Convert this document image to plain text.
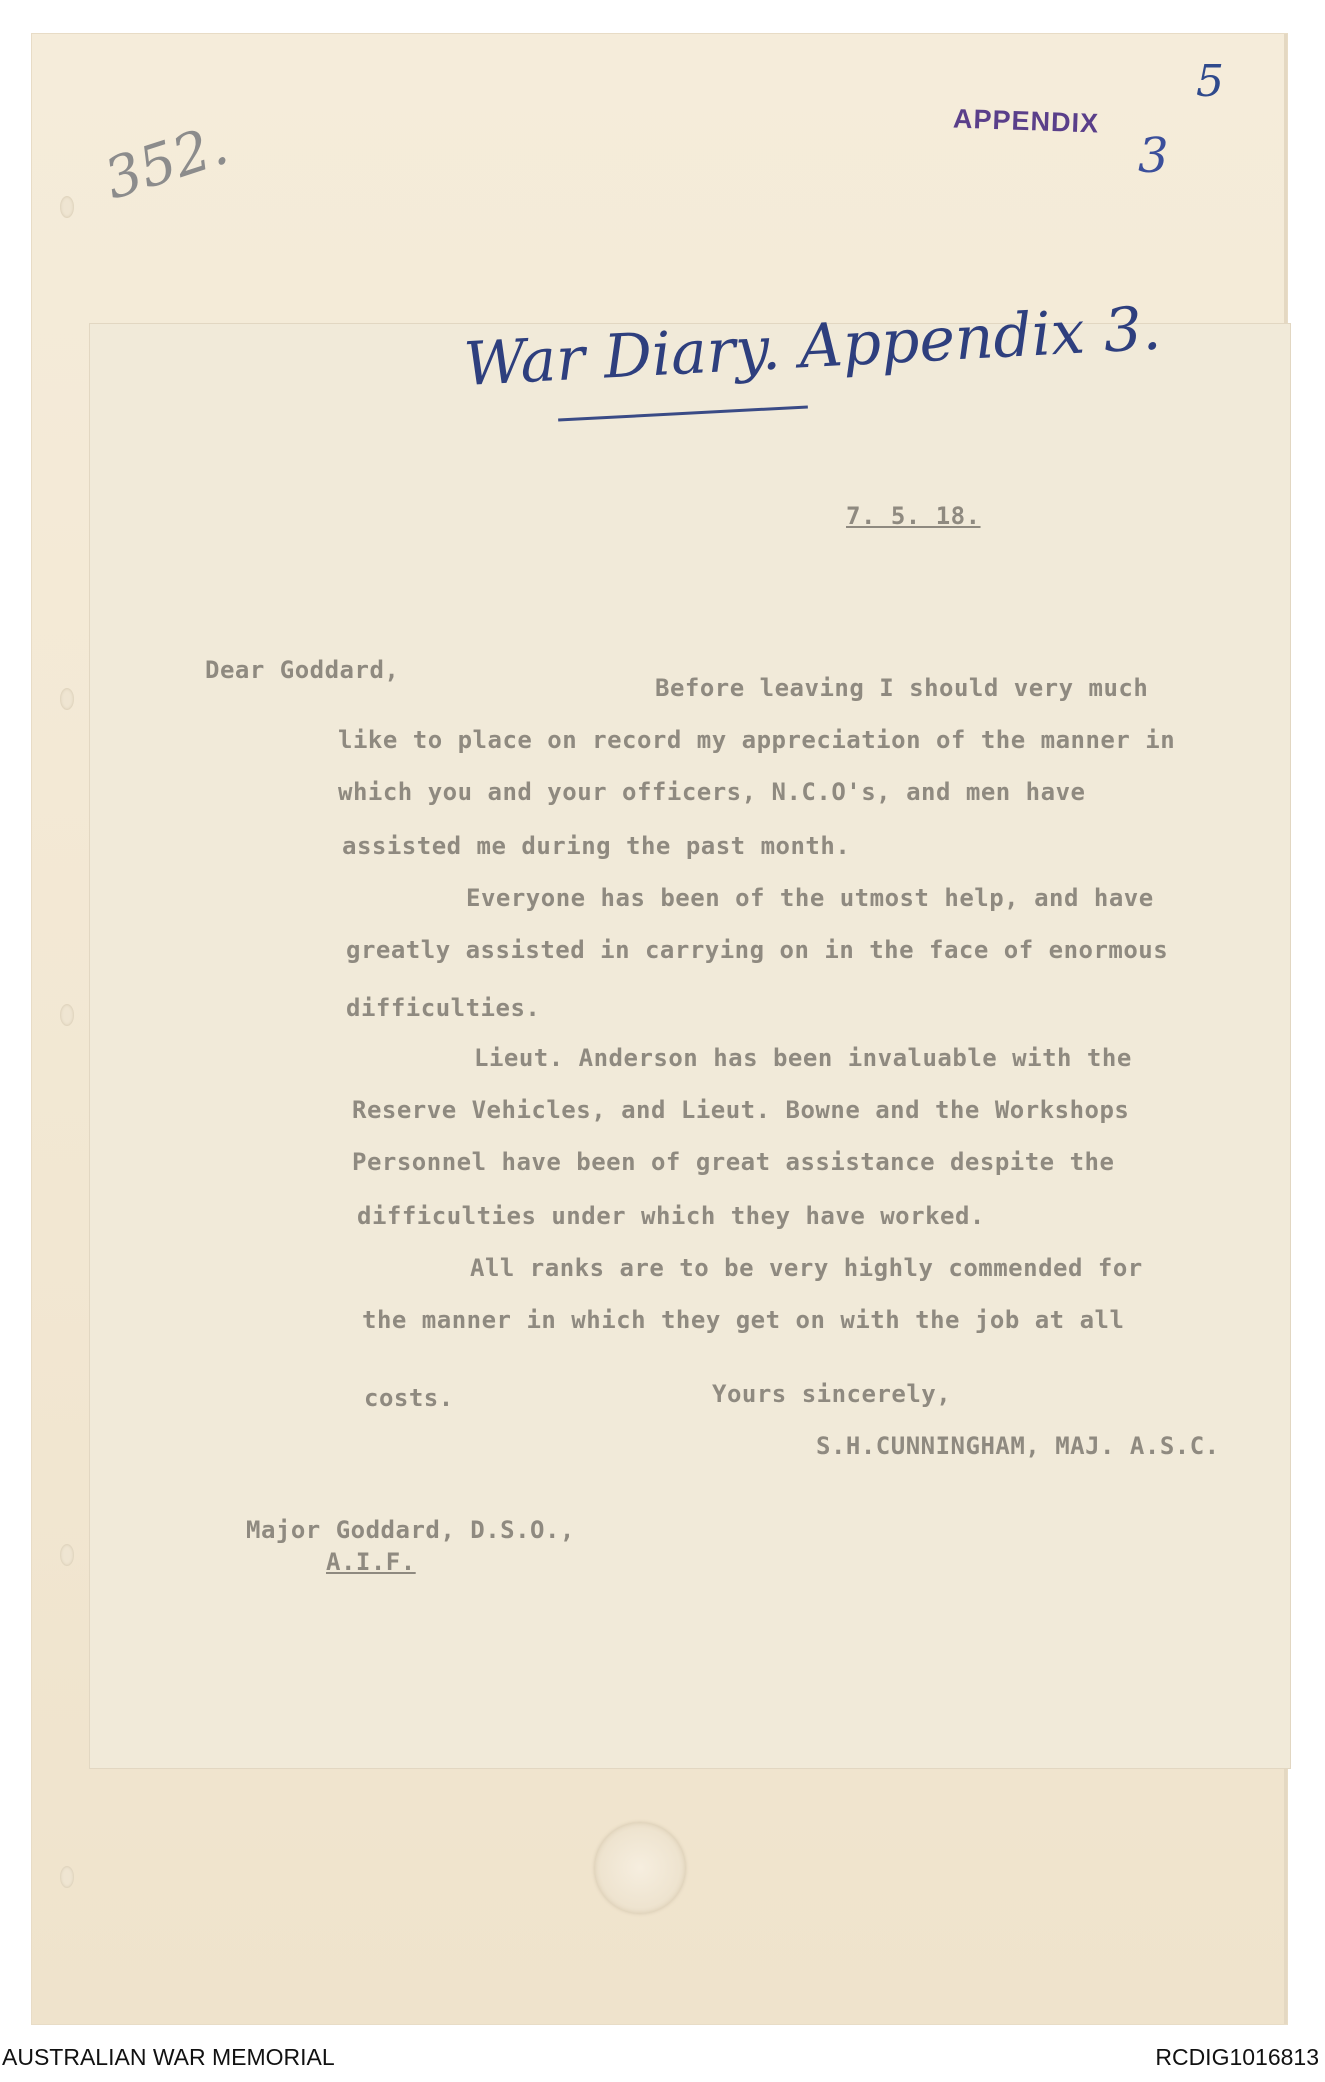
352.	APPENDIX
3
5
War Diary. Appendix 3.
7. 5. 18.
Dear Goddard,
Before leaving I should very much
like to place on record my appreciation of the manner in
which you and your officers, N.C.O's, and men have
assisted me during the past month.
Everyone has been of the utmost help, and have
greatly assisted in carrying on in the face of enormous
difficulties.
Lieut. Anderson has been invaluable with the
Reserve Vehicles, and Lieut. Bowne and the Workshops
Personnel have been of great assistance despite the
difficulties under which they have worked.
All ranks are to be very highly commended for
the manner in which they get on with the job at all
costs.	Yours sincerely,
S.H.CUNNINGHAM, MAJ. A.S.C.
Major Goddard, D.S.O.,
A.I.F.
AUSTRALIAN WAR MEMORIAL	RCDIG1016813
